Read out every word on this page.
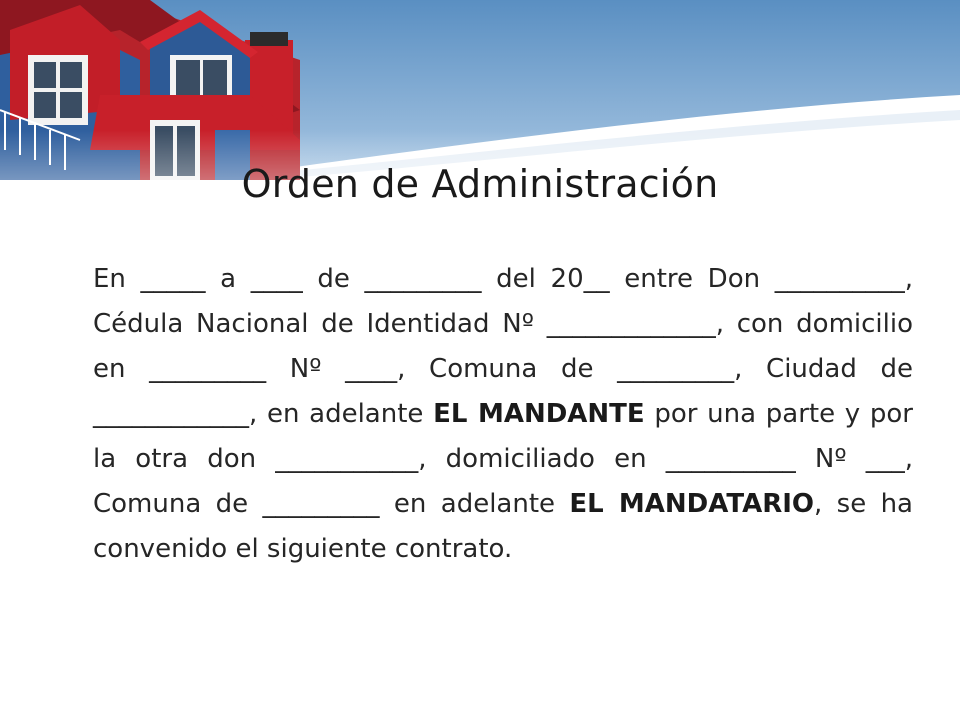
Orden de Administración

En _____ a ____ de _________ del 20__ entre Don __________, Cédula Nacional de Identidad Nº _____________, con domicilio en _________ Nº ____, Comuna de _________, Ciudad de ____________, en adelante EL MANDANTE por una parte y por la otra don ___________, domiciliado en __________ Nº ___, Comuna de _________ en adelante EL MANDATARIO, se ha convenido el siguiente contrato.
